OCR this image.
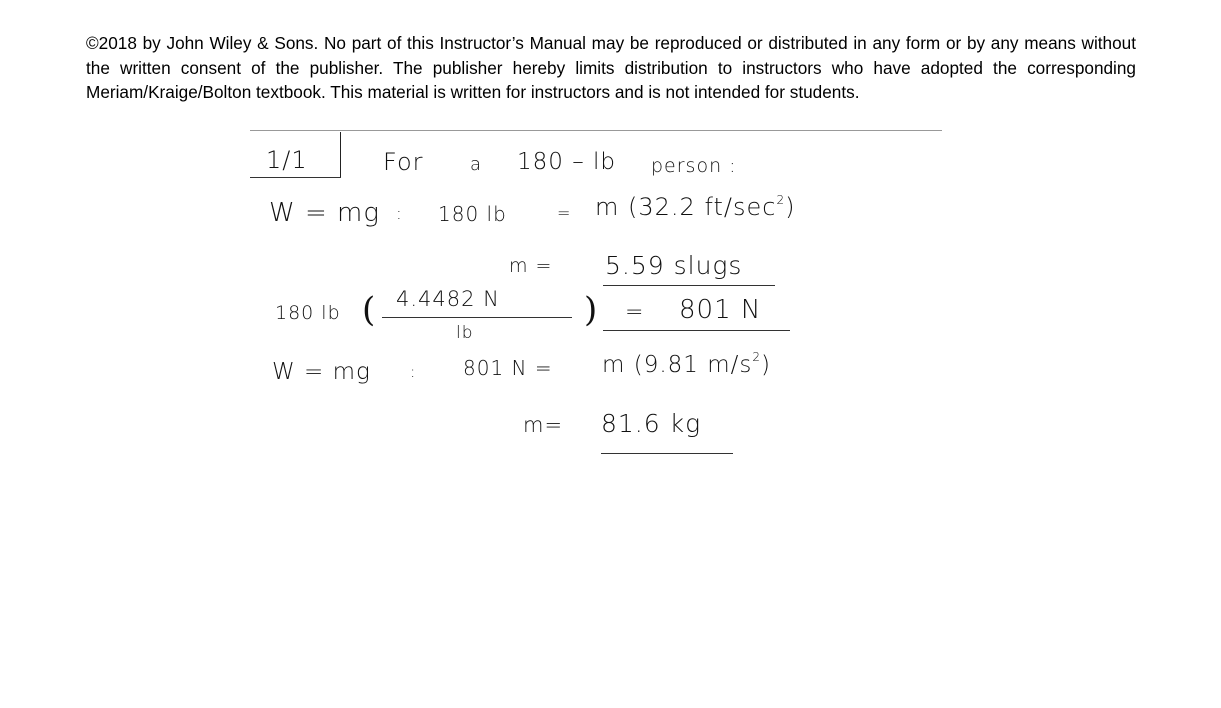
©2018 by John Wiley & Sons. No part of this Instructor’s Manual may be reproduced or distributed in any form or by any means without the written consent of the publisher. The publisher hereby limits distribution to instructors who have adopted the corresponding Meriam/Kraige/Bolton textbook. This material is written for instructors and is not intended for students.
1/1	For	a 180 – lb person :
W = mg : 180 lb	= m (32.2 $ft/\sec^2$)
m = 5.59 slugs
180 lb ( 4.4482 N
lb
) = 801 N
W = mg : 801 N = m (9.81 $m/s^2$)
m= 81.6 kg
